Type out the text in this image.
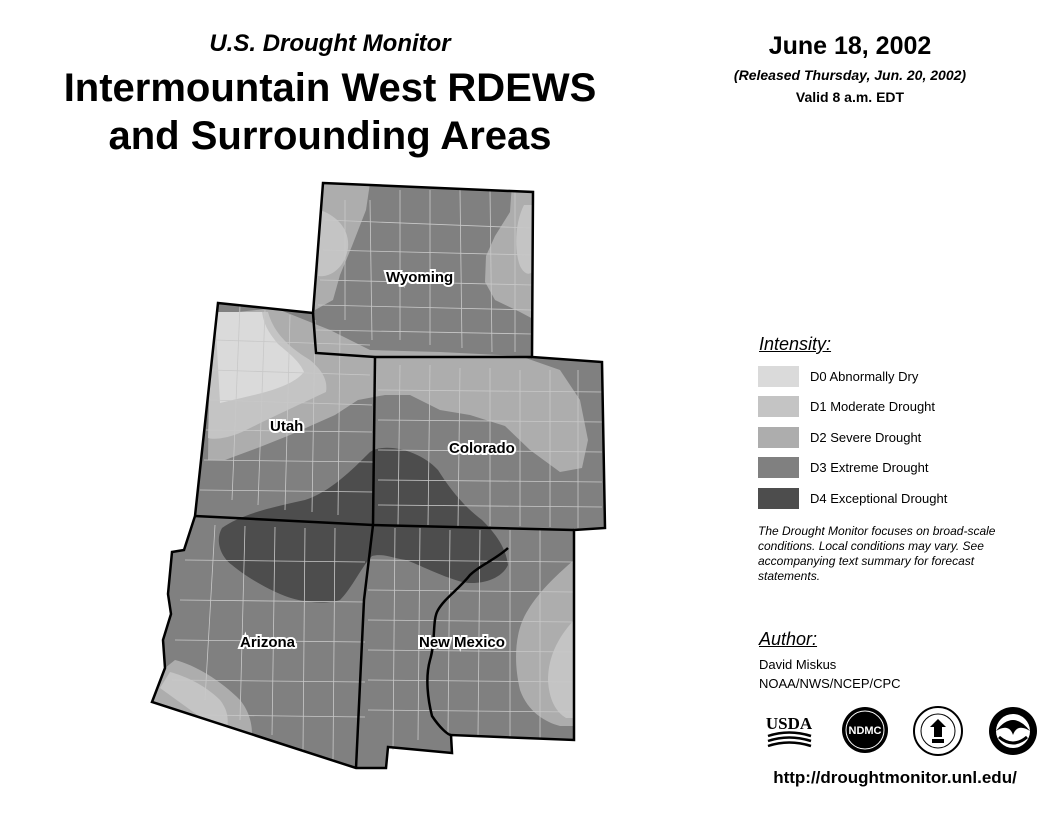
U.S. Drought Monitor
Intermountain West RDEWS
and Surrounding Areas
June 18, 2002
(Released Thursday, Jun. 20, 2002)
Valid 8 a.m. EDT
Wyoming
Utah
Colorado
Arizona	New Mexico
Intensity:
D0 Abnormally Dry
D1 Moderate Drought
D2 Severe Drought
D3 Extreme Drought
D4 Exceptional Drought
The Drought Monitor focuses on broad-scale conditions. Local conditions may vary. See accompanying text summary for forecast statements.
Author:
David Miskus
NOAA/NWS/NCEP/CPC
USDA	NDMC
http://droughtmonitor.unl.edu/
